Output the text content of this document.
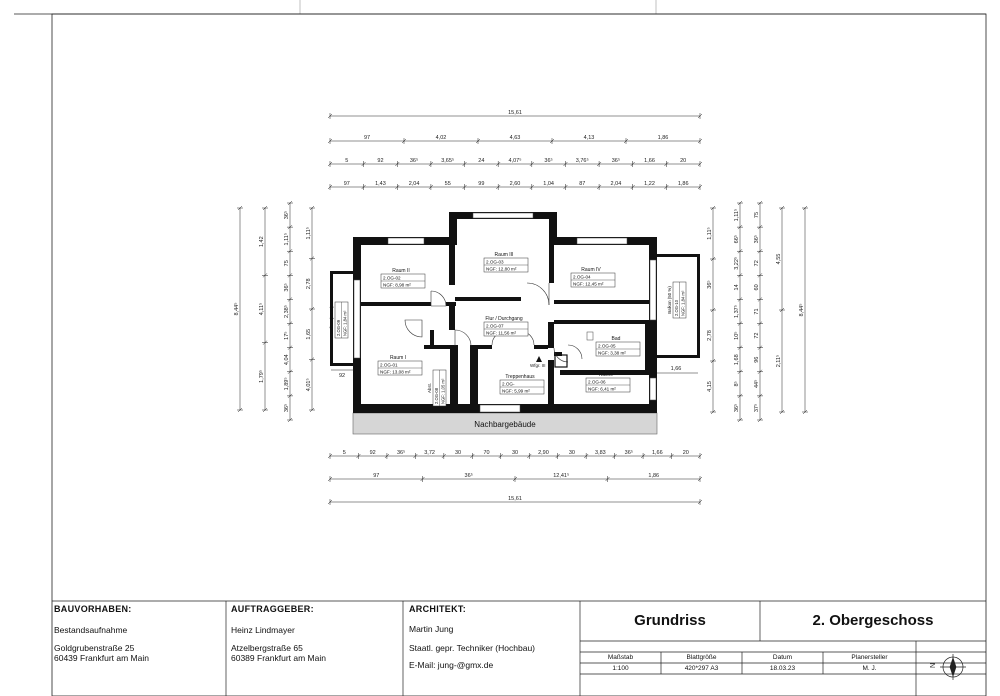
15,61
97	4,02	4,63	4,13	1,86
5	92	36⁵	3,65⁵	24	4,07⁵	36⁵	3,76⁵	36⁵	1,66	20
97	1,43	2,04	55	99	2,60	1,04	87	2,04	1,22	1,86
5	92	36⁵	3,72	30	70	30	2,90	30	3,83	36⁵	1,66	20
97	36⁵	12,41⁵	1,86
15,61
8,44⁵
1,42
4,11⁵
1,79⁵
36⁵
1,11⁵
75
36⁵
2,38⁵
17⁵
4,04
1,89⁵
36⁵
1,11⁵
2,78
1,65
4,01⁵
1,11⁵
36⁵
2,78
4,15
1,11⁵
66⁵
3,22⁵
14
1,37⁵
10⁵
1,68
8⁵
36⁵
75
36⁵
72
60
71
72
96
44⁵
37⁵
4,55
2,11⁵
8,44⁵
Nachbargebäude
Wfgr. III
Raum II
2.OG-02
NGF: 8,98 m²
Raum III
2.OG-03
NGF: 12,80 m²	Raum IV
2.OG-04
NGF: 12,45 m²
Flur / Durchgang
2.OG-07
NGF: 11,56 m²
Raum I
2.OG-01
NGF: 13,08 m²
Treppenhaus
2.OG-
NGF: 5,99 m²
Bad
2.OG-05
NGF: 3,38 m²
Küche
2.OG-06
NGF: 6,41 m²
Balkon (50 %) 2.OG-09 NGF: 1,84 m²
Balkon (50 %) 2.OG-10 NGF: 1,84 m²
Abst. 2.OG-08 NGF: 1,05 m²
N
92
1,66
BAUVORHABEN:
Bestandsaufnahme
Goldgrubenstraße 25
60439 Frankfurt am Main
AUFTRAGGEBER:
Heinz Lindmayer
Atzelbergstraße 65
60389 Frankfurt am Main
ARCHITEKT:
Martin Jung
Staatl. gepr. Techniker (Hochbau)
E-Mail: jung-@gmx.de
Grundriss	2. Obergeschoss
Maßstab	Blattgröße	Datum	Planersteller
1:100	420*297 A3	18.03.23	M. J.
